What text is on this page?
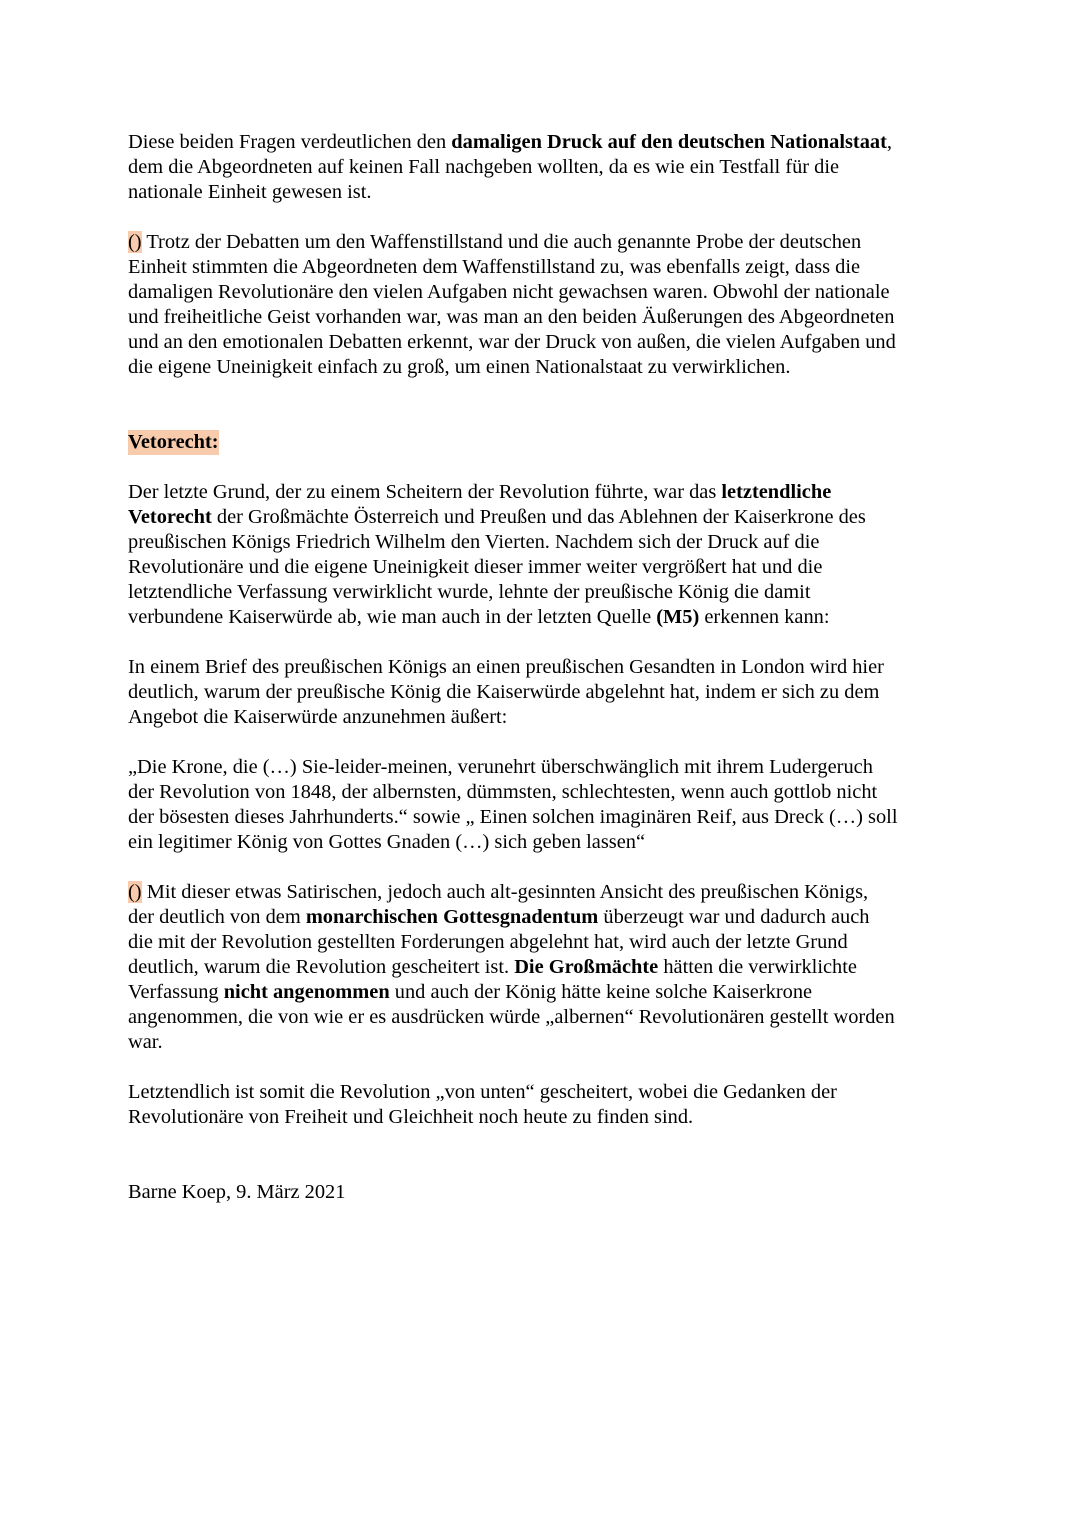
Diese beiden Fragen verdeutlichen den damaligen Druck auf den deutschen Nationalstaat,
dem die Abgeordneten auf keinen Fall nachgeben wollten, da es wie ein Testfall für die
nationale Einheit gewesen ist.
() Trotz der Debatten um den Waffenstillstand und die auch genannte Probe der deutschen
Einheit stimmten die Abgeordneten dem Waffenstillstand zu, was ebenfalls zeigt, dass die
damaligen Revolutionäre den vielen Aufgaben nicht gewachsen waren. Obwohl der nationale
und freiheitliche Geist vorhanden war, was man an den beiden Äußerungen des Abgeordneten
und an den emotionalen Debatten erkennt, war der Druck von außen, die vielen Aufgaben und
die eigene Uneinigkeit einfach zu groß, um einen Nationalstaat zu verwirklichen.
Vetorecht:
Der letzte Grund, der zu einem Scheitern der Revolution führte, war das letztendliche
Vetorecht der Großmächte Österreich und Preußen und das Ablehnen der Kaiserkrone des
preußischen Königs Friedrich Wilhelm den Vierten. Nachdem sich der Druck auf die
Revolutionäre und die eigene Uneinigkeit dieser immer weiter vergrößert hat und die
letztendliche Verfassung verwirklicht wurde, lehnte der preußische König die damit
verbundene Kaiserwürde ab, wie man auch in der letzten Quelle (M5) erkennen kann:
In einem Brief des preußischen Königs an einen preußischen Gesandten in London wird hier
deutlich, warum der preußische König die Kaiserwürde abgelehnt hat, indem er sich zu dem
Angebot die Kaiserwürde anzunehmen äußert:
„Die Krone, die (…) Sie-leider-meinen, verunehrt überschwänglich mit ihrem Ludergeruch
der Revolution von 1848, der albernsten, dümmsten, schlechtesten, wenn auch gottlob nicht
der bösesten dieses Jahrhunderts.“ sowie „ Einen solchen imaginären Reif, aus Dreck (…) soll
ein legitimer König von Gottes Gnaden (…) sich geben lassen“
() Mit dieser etwas Satirischen, jedoch auch alt-gesinnten Ansicht des preußischen Königs,
der deutlich von dem monarchischen Gottesgnadentum überzeugt war und dadurch auch
die mit der Revolution gestellten Forderungen abgelehnt hat, wird auch der letzte Grund
deutlich, warum die Revolution gescheitert ist. Die Großmächte hätten die verwirklichte
Verfassung nicht angenommen und auch der König hätte keine solche Kaiserkrone
angenommen, die von wie er es ausdrücken würde „albernen“ Revolutionären gestellt worden
war.
Letztendlich ist somit die Revolution „von unten“ gescheitert, wobei die Gedanken der
Revolutionäre von Freiheit und Gleichheit noch heute zu finden sind.
Barne Koep, 9. März 2021
